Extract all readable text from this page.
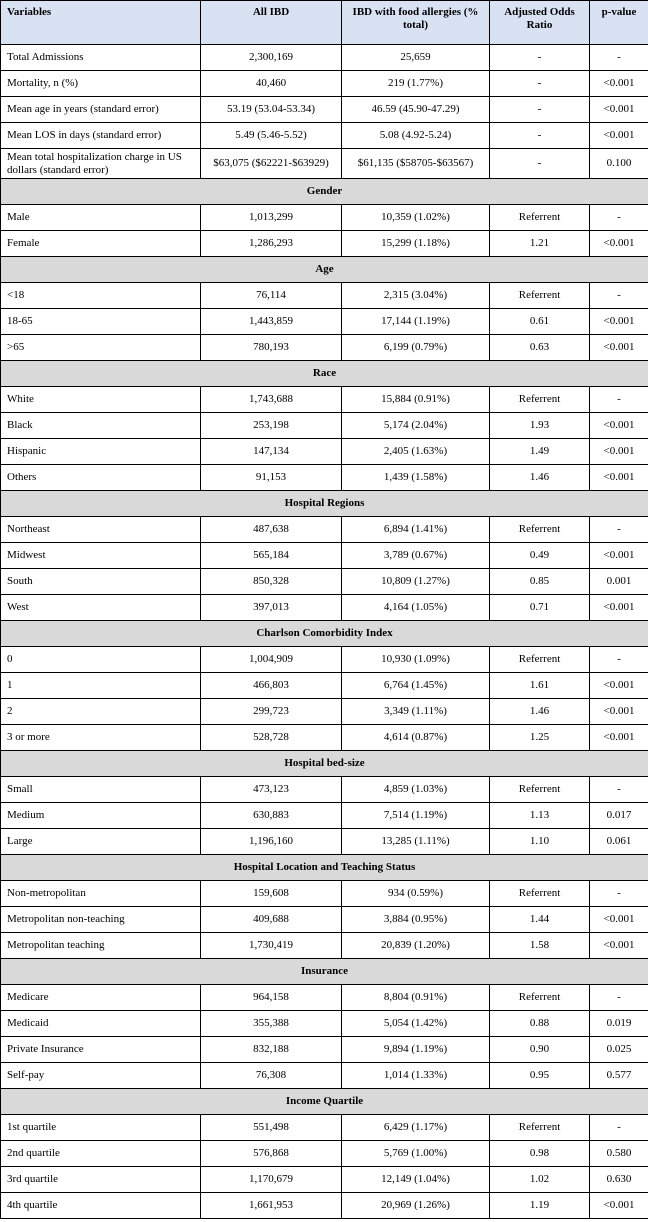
Variables	All IBD	IBD with food allergies (% total)	Adjusted Odds Ratio	p-value
Total Admissions	2,300,169	25,659	-	-
Mortality, n (%)	40,460	219 (1.77%)	-	<0.001
Mean age in years (standard error)	53.19 (53.04-53.34)	46.59 (45.90-47.29)	-	<0.001
Mean LOS in days (standard error)	5.49 (5.46-5.52)	5.08 (4.92-5.24)	-	<0.001
Mean total hospitalization charge in US dollars (standard error)	$63,075 ($62221-$63929)	$61,135 ($58705-$63567)	-	0.100
Gender				
Male	1,013,299	10,359 (1.02%)	Referrent	-
Female	1,286,293	15,299 (1.18%)	1.21	<0.001
Age				
<18	76,114	2,315 (3.04%)	Referrent	-
18-65	1,443,859	17,144 (1.19%)	0.61	<0.001
>65	780,193	6,199 (0.79%)	0.63	<0.001
Race				
White	1,743,688	15,884 (0.91%)	Referrent	-
Black	253,198	5,174 (2.04%)	1.93	<0.001
Hispanic	147,134	2,405 (1.63%)	1.49	<0.001
Others	91,153	1,439 (1.58%)	1.46	<0.001
Hospital Regions				
Northeast	487,638	6,894 (1.41%)	Referrent	-
Midwest	565,184	3,789 (0.67%)	0.49	<0.001
South	850,328	10,809 (1.27%)	0.85	0.001
West	397,013	4,164 (1.05%)	0.71	<0.001
Charlson Comorbidity Index				
0	1,004,909	10,930 (1.09%)	Referrent	-
1	466,803	6,764 (1.45%)	1.61	<0.001
2	299,723	3,349 (1.11%)	1.46	<0.001
3 or more	528,728	4,614 (0.87%)	1.25	<0.001
Hospital bed-size				
Small	473,123	4,859 (1.03%)	Referrent	-
Medium	630,883	7,514 (1.19%)	1.13	0.017
Large	1,196,160	13,285 (1.11%)	1.10	0.061
Hospital Location and Teaching Status				
Non-metropolitan	159,608	934 (0.59%)	Referrent	-
Metropolitan non-teaching	409,688	3,884 (0.95%)	1.44	<0.001
Metropolitan teaching	1,730,419	20,839 (1.20%)	1.58	<0.001
Insurance				
Medicare	964,158	8,804 (0.91%)	Referrent	-
Medicaid	355,388	5,054 (1.42%)	0.88	0.019
Private Insurance	832,188	9,894 (1.19%)	0.90	0.025
Self-pay	76,308	1,014 (1.33%)	0.95	0.577
Income Quartile				
1st quartile	551,498	6,429 (1.17%)	Referrent	-
2nd quartile	576,868	5,769 (1.00%)	0.98	0.580
3rd quartile	1,170,679	12,149 (1.04%)	1.02	0.630
4th quartile	1,661,953	20,969 (1.26%)	1.19	<0.001
